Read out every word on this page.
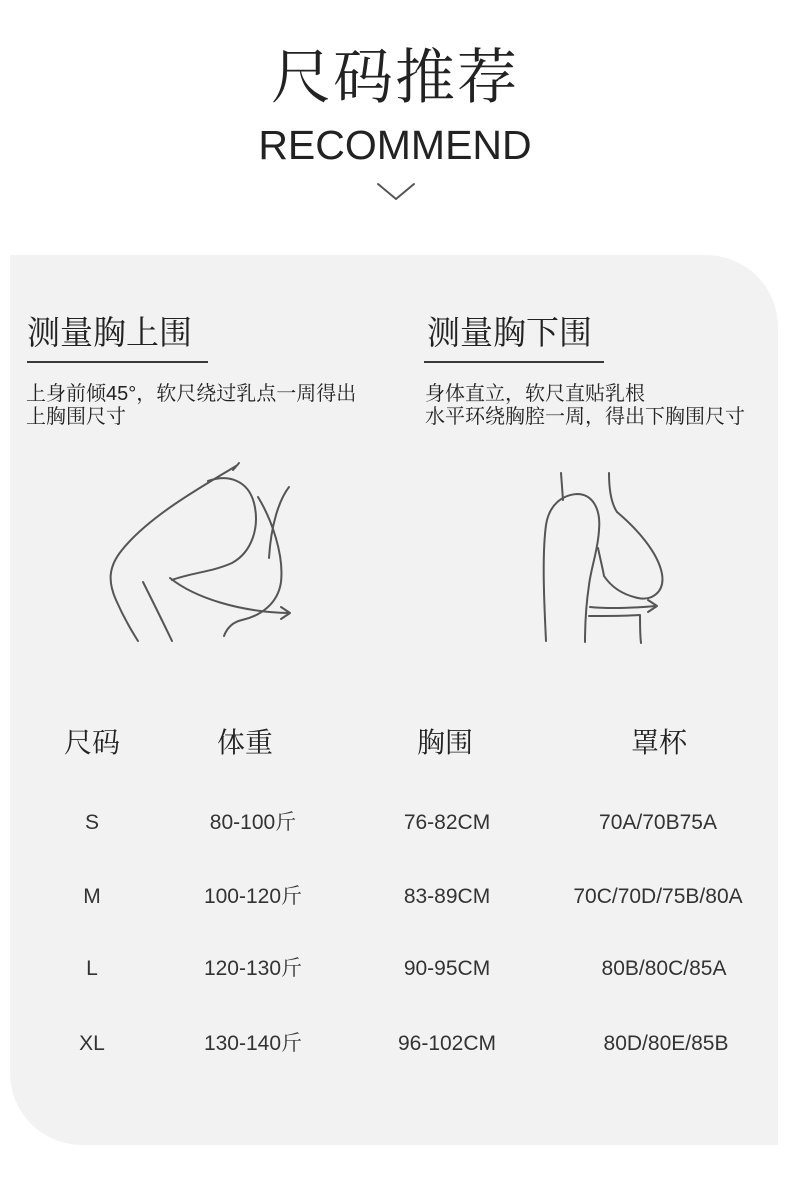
尺码推荐
RECOMMEND
测量胸上围
上身前倾45°，软尺绕过乳点一周得出
上胸围尺寸
测量胸下围
身体直立，软尺直贴乳根
水平环绕胸腔一周，得出下胸围尺寸
尺码	体重	胸围	罩杯
S	80-100斤	76-82CM	70A/70B75A
M	100-120斤	83-89CM	70C/70D/75B/80A
L	120-130斤	90-95CM	80B/80C/85A
XL	130-140斤	96-102CM	80D/80E/85B
